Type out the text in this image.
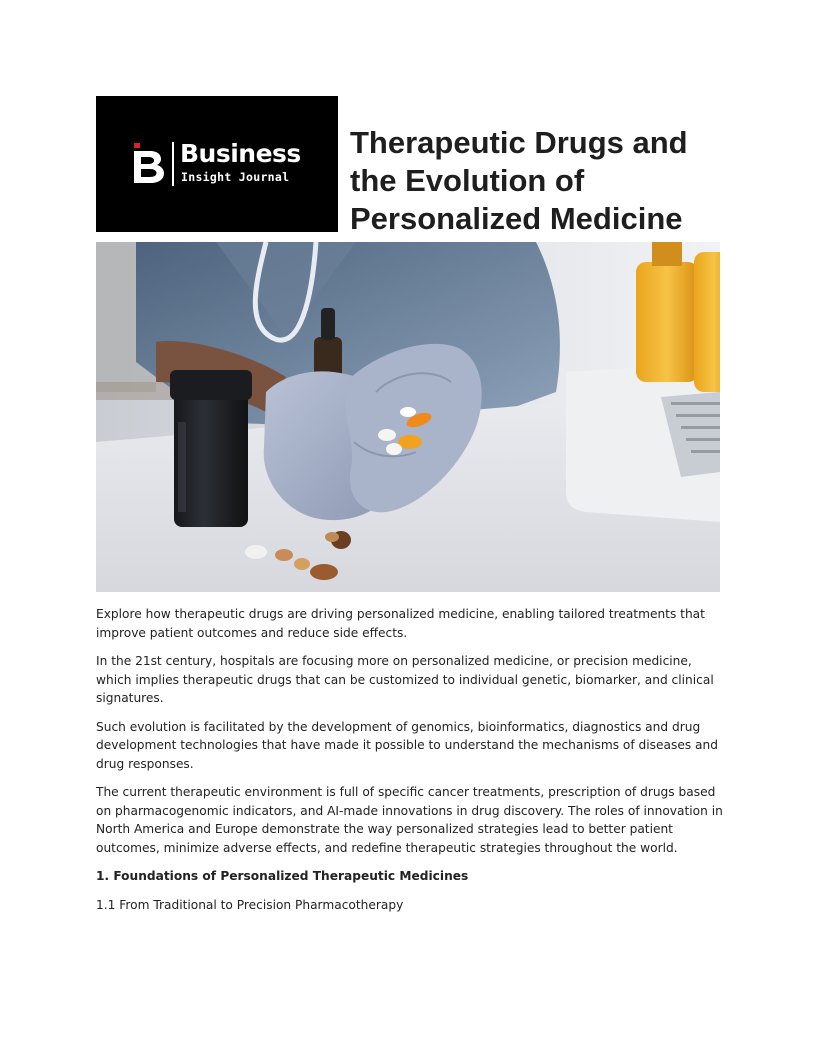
Business
Insight Journal
Therapeutic Drugs and the Evolution of Personalized Medicine

Explore how therapeutic drugs are driving personalized medicine, enabling tailored treatments that improve patient outcomes and reduce side effects.

In the 21st century, hospitals are focusing more on personalized medicine, or precision medicine, which implies therapeutic drugs that can be customized to individual genetic, biomarker, and clinical signatures.

Such evolution is facilitated by the development of genomics, bioinformatics, diagnostics and drug development technologies that have made it possible to understand the mechanisms of diseases and drug responses.

The current therapeutic environment is full of specific cancer treatments, prescription of drugs based on pharmacogenomic indicators, and AI-made innovations in drug discovery. The roles of innovation in North America and Europe demonstrate the way personalized strategies lead to better patient outcomes, minimize adverse effects, and redefine therapeutic strategies throughout the world.

1. Foundations of Personalized Therapeutic Medicines

1.1 From Traditional to Precision Pharmacotherapy
